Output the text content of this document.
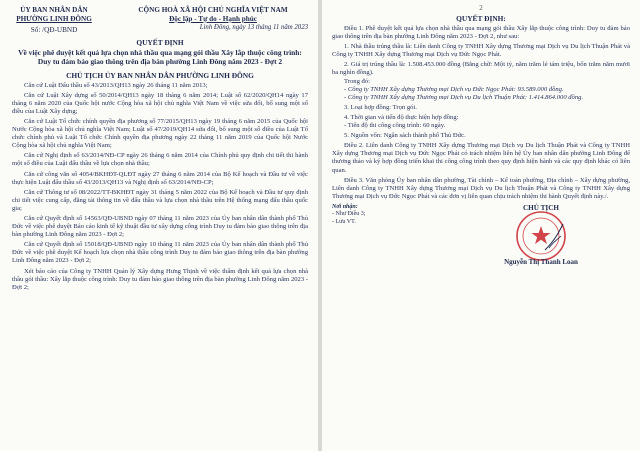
ỦY BAN NHÂN DÂN
PHƯỜNG LINH ĐÔNG
Số: /QĐ-UBND
CỘNG HOÀ XÃ HỘI CHỦ NGHĨA VIỆT NAM
Độc lập - Tự do - Hạnh phúc
Linh Đông, ngày 13 tháng 11 năm 2023
QUYẾT ĐỊNH
Về việc phê duyệt kết quả lựa chọn nhà thầu qua mạng gói thầu Xây lắp thuộc công trình: Duy tu đảm bảo giao thông trên địa bàn phường Linh Đông năm 2023 - Đợt 2
CHỦ TỊCH ỦY BAN NHÂN DÂN PHƯỜNG LINH ĐÔNG

Căn cứ Luật Đấu thầu số 43/2013/QH13 ngày 26 tháng 11 năm 2013;

Căn cứ Luật Xây dựng số 50/2014/QH13 ngày 18 tháng 6 năm 2014; Luật số 62/2020/QH14 ngày 17 tháng 6 năm 2020 của Quốc hội nước Cộng hòa xã hội chủ nghĩa Việt Nam về việc sửa đổi, bổ sung một số điều của Luật Xây dựng;

Căn cứ Luật Tổ chức chính quyền địa phương số 77/2015/QH13 ngày 19 tháng 6 năm 2015 của Quốc hội Nước Cộng hòa xã hội chủ nghĩa Việt Nam; Luật số 47/2019/QH14 sửa đổi, bổ sung một số điều của Luật Tổ chức chính phủ và Luật Tổ chức Chính quyền địa phương ngày 22 tháng 11 năm 2019 của Quốc hội Nước Cộng hòa xã hội chủ nghĩa Việt Nam;

Căn cứ Nghị định số 63/2014/NĐ-CP ngày 26 tháng 6 năm 2014 của Chính phủ quy định chi tiết thi hành một số điều của Luật đấu thầu về lựa chọn nhà thầu;

Căn cứ công văn số 4054/BKHĐT-QLĐT ngày 27 tháng 6 năm 2014 của Bộ Kế hoạch và Đầu tư về việc thực hiện Luật đấu thầu số 43/2013/QH13 và Nghị định số 63/2014/NĐ-CP;

Căn cứ Thông tư số 08/2022/TT-BKHĐT ngày 31 tháng 5 năm 2022 của Bộ Kế hoạch và Đầu tư quy định chi tiết việc cung cấp, đăng tải thông tin về đấu thầu và lựa chọn nhà thầu trên Hệ thống mạng đấu thầu quốc gia;

Căn cứ Quyết định số 14563/QĐ-UBND ngày 07 tháng 11 năm 2023 của Ủy ban nhân dân thành phố Thủ Đức về việc phê duyệt Báo cáo kinh tế kỹ thuật đầu tư xây dựng công trình Duy tu đảm bảo giao thông trên địa bàn phường Linh Đông năm 2023 - Đợt 2;

Căn cứ Quyết định số 15018/QĐ-UBND ngày 10 tháng 11 năm 2023 của Ủy ban nhân dân thành phố Thủ Đức về việc phê duyệt Kế hoạch lựa chọn nhà thầu công trình Duy tu đảm bảo giao thông trên địa bàn phường Linh Đông năm 2023 - Đợt 2;

Xét báo cáo của Công ty TNHH Quản lý Xây dựng Hưng Thịnh về việc thẩm định kết quả lựa chọn nhà thầu gói thầu: Xây lắp thuộc công trình: Duy tu đảm bảo giao thông trên địa bàn phường Linh Đông năm 2023 - Đợt 2;

2
QUYẾT ĐỊNH:

Điều 1. Phê duyệt kết quả lựa chọn nhà thầu qua mạng gói thầu Xây lắp thuộc công trình: Duy tu đảm bảo giao thông trên địa bàn phường Linh Đông năm 2023 - Đợt 2, như sau:

1. Nhà thầu trúng thầu là: Liên danh Công ty TNHH Xây dựng Thương mại Dịch vụ Du lịch Thuận Phát và Công ty TNHH Xây dựng Thương mại Dịch vụ Đức Ngọc Phát.

2. Giá trị trúng thầu là: 1.508.453.000 đồng (Bằng chữ: Một tỷ, năm trăm lẻ tám triệu, bốn trăm năm mươi ba nghìn đồng).

Trong đó:

- Công ty TNHH Xây dựng Thương mại Dịch vụ Đức Ngọc Phát: 93.589.000 đồng.

- Công ty TNHH Xây dựng Thương mại Dịch vụ Du lịch Thuận Phát: 1.414.864.000 đồng.

3. Loại hợp đồng: Trọn gói.

4. Thời gian và tiến độ thực hiện hợp đồng:

- Tiến độ thi công công trình: 60 ngày.

5. Nguồn vốn: Ngân sách thành phố Thủ Đức.

Điều 2. Liên danh Công ty TNHH Xây dựng Thương mại Dịch vụ Du lịch Thuận Phát và Công ty TNHH Xây dựng Thương mại Dịch vụ Đức Ngọc Phát có trách nhiệm liên hệ Ủy ban nhân dân phường Linh Đông để thương thảo và ký hợp đồng triển khai thi công công trình theo quy định hiện hành và các quy định khác có liên quan.

Điều 3. Văn phòng Ủy ban nhân dân phường, Tài chính – Kế toán phường, Địa chính – Xây dựng phường, Liên danh Công ty TNHH Xây dựng Thương mại Dịch vụ Du lịch Thuận Phát và Công ty TNHH Xây dựng Thương mại Dịch vụ Đức Ngọc Phát và các đơn vị liên quan chịu trách nhiệm thi hành Quyết định này./.

Nơi nhận:
- Như Điều 3;
- Lưu VT.
CHỦ TỊCH
Nguyễn Thị Thanh Loan
